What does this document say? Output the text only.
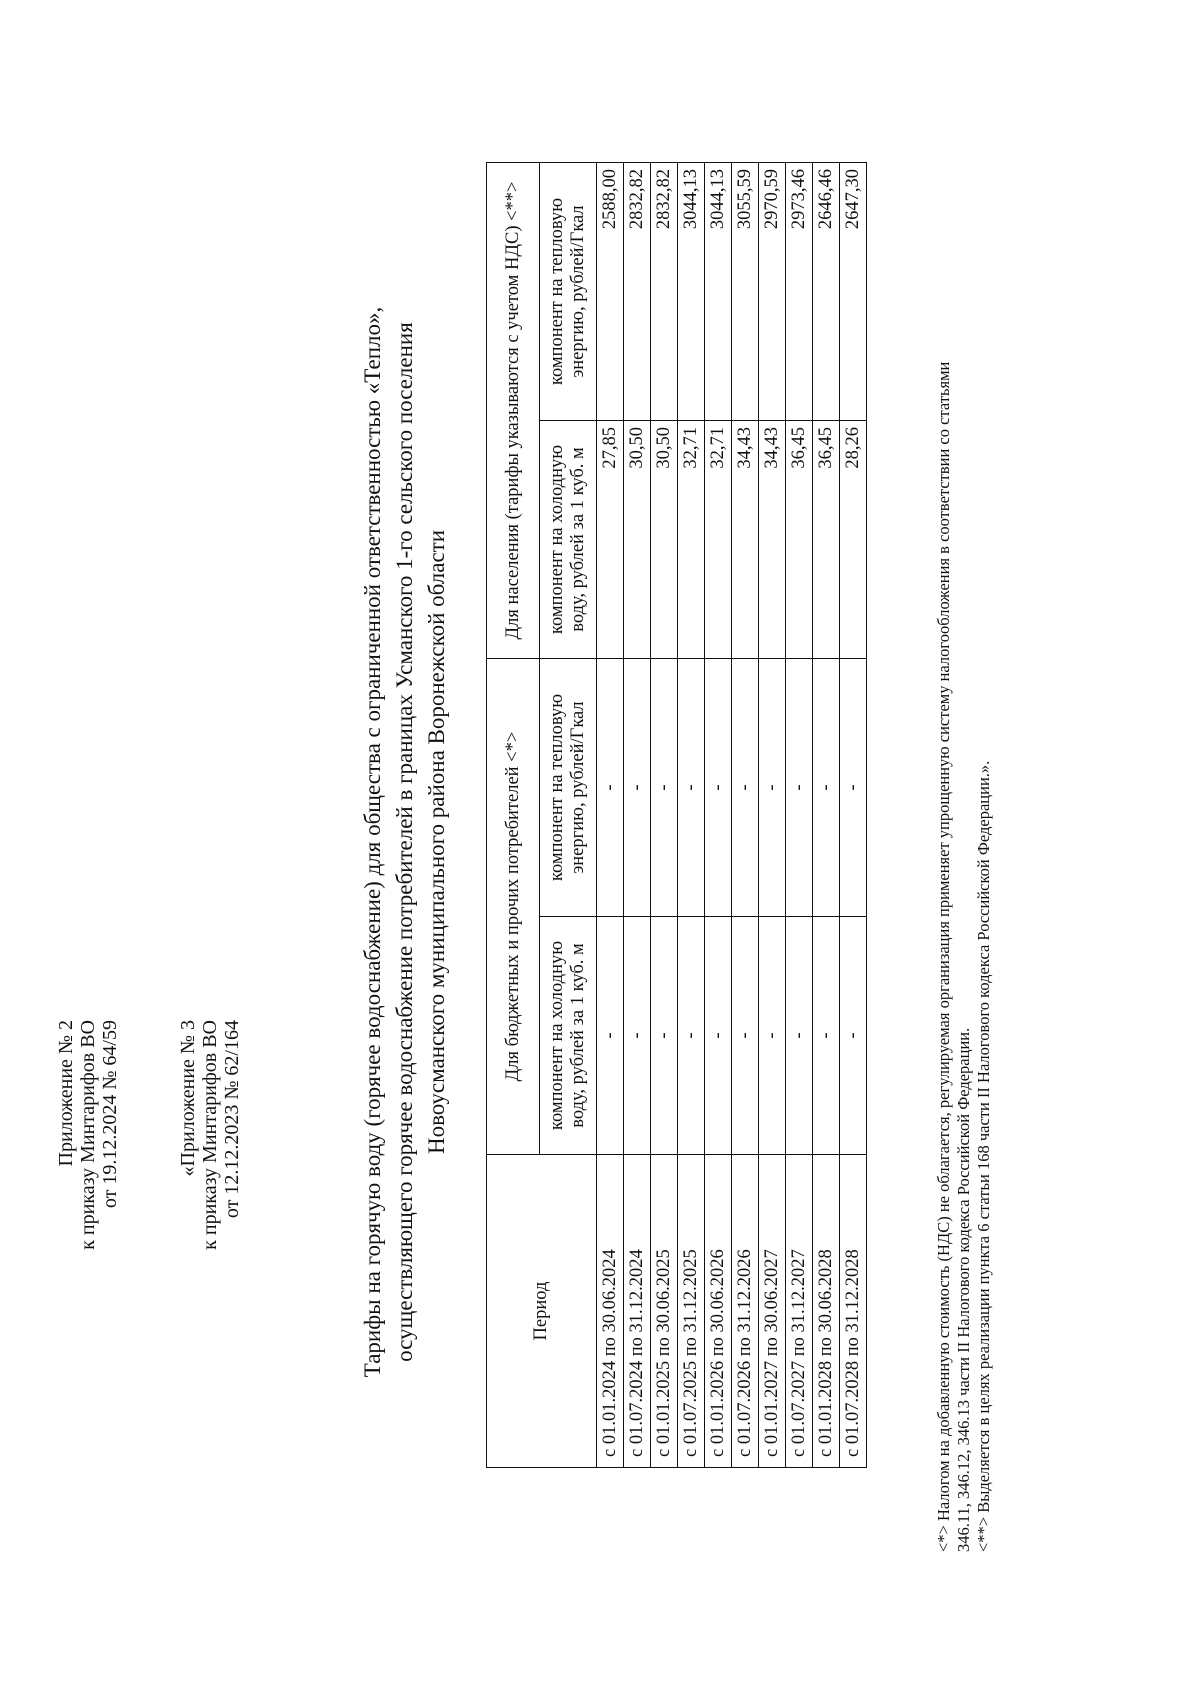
Приложение № 2 к приказу Минтарифов ВО от 19.12.2024 № 64/59	«Приложение № 3 к приказу Минтарифов ВО от 12.12.2023 № 62/164	Тарифы на горячую воду (горячее водоснабжение) для общества с ограниченной ответственностью «Тепло», осуществляющего горячее водоснабжение потребителей в границах Усманского 1-го сельского поселения Новоусманского муниципального района Воронежской области
Период	Для бюджетных и прочих потребителей <*>		Для населения (тарифы указываются с учетом НДС) <**>	
	компонент на холодную воду, рублей за 1 куб. м	компонент на тепловую энергию, рублей/Гкал	компонент на холодную воду, рублей за 1 куб. м	компонент на тепловую энергию, рублей/Гкал
с 01.01.2024 по 30.06.2024	-	-	27,85	2588,00
с 01.07.2024 по 31.12.2024	-	-	30,50	2832,82
с 01.01.2025 по 30.06.2025	-	-	30,50	2832,82
с 01.07.2025 по 31.12.2025	-	-	32,71	3044,13
с 01.01.2026 по 30.06.2026	-	-	32,71	3044,13
с 01.07.2026 по 31.12.2026	-	-	34,43	3055,59
с 01.01.2027 по 30.06.2027	-	-	34,43	2970,59
с 01.07.2027 по 31.12.2027	-	-	36,45	2973,46
с 01.01.2028 по 30.06.2028	-	-	36,45	2646,46
с 01.07.2028 по 31.12.2028	-	-	28,26	2647,30
<*> Налогом на добавленную стоимость (НДС) не облагается, регулируемая организация применяет упрощенную систему налогообложения в соответствии со статьями 346.11, 346.12, 346.13 части II Налогового кодекса Российской Федерации. <**> Выделяется в целях реализации пункта 6 статьи 168 части II Налогового кодекса Российской Федерации.».
